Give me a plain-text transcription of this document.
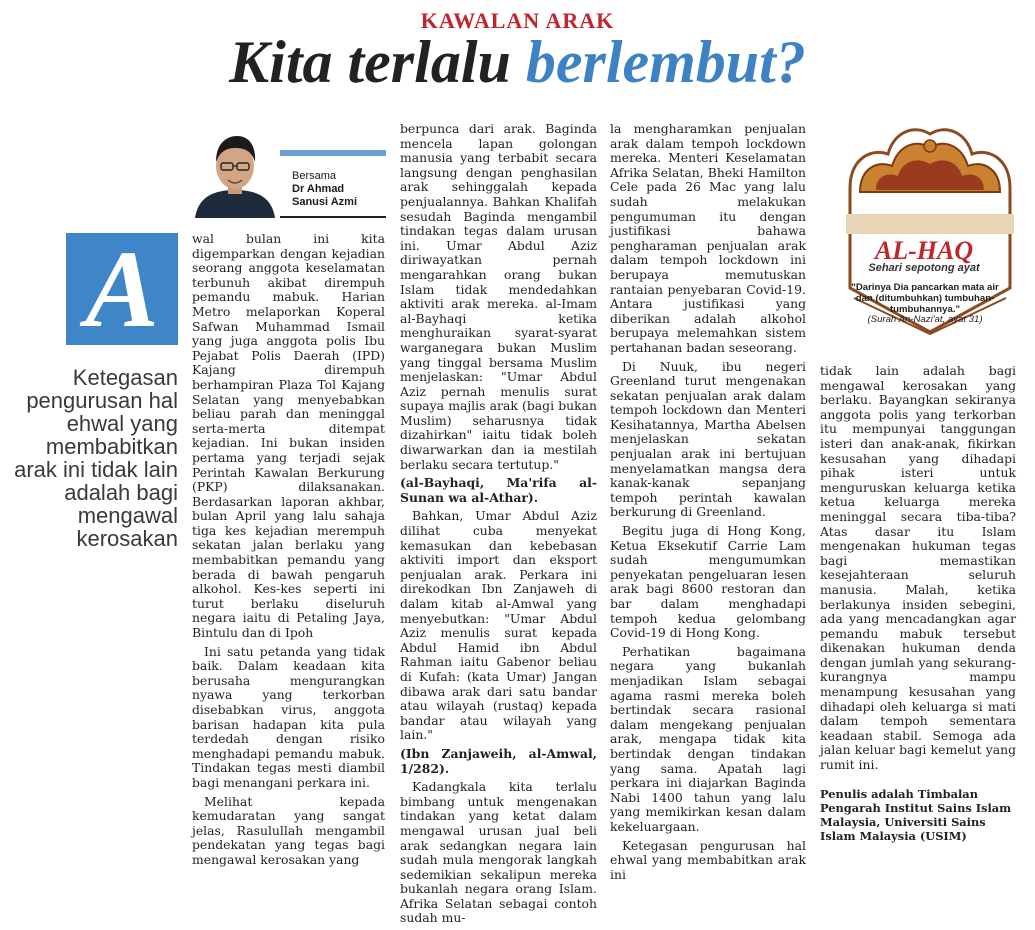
KAWALAN ARAK
Kita terlalu berlembut?
Bersama
Dr Ahmad
Sanusi Azmi
A
Ketegasan pengurusan hal ehwal yang membabitkan arak ini tidak lain adalah bagi mengawal kerosakan

wal bulan ini kita digemparkan dengan kejadian seorang anggota keselamatan terbunuh akibat dirempuh pemandu mabuk. Harian Metro melaporkan Koperal Safwan Muhammad Ismail yang juga anggota polis Ibu Pejabat Polis Daerah (IPD) Kajang dirempuh berhampiran Plaza Tol Kajang Selatan yang menyebabkan beliau parah dan meninggal serta-merta ditempat kejadian. Ini bukan insiden pertama yang terjadi sejak Perintah Kawalan Berkurung (PKP) dilaksanakan. Berdasarkan laporan akhbar, bulan April yang lalu sahaja tiga kes kejadian merempuh sekatan jalan berlaku yang membabitkan pemandu yang berada di bawah pengaruh alkohol. Kes-kes seperti ini turut berlaku diseluruh negara iaitu di Petaling Jaya, Bintulu dan di Ipoh

Ini satu petanda yang tidak baik. Dalam keadaan kita berusaha mengurangkan nyawa yang terkorban disebabkan virus, anggota barisan hadapan kita pula terdedah dengan risiko menghadapi pemandu mabuk. Tindakan tegas mesti diambil bagi menangani perkara ini.

Melihat kepada kemudaratan yang sangat jelas, Rasulullah mengambil pendekatan yang tegas bagi mengawal kerosakan yang

berpunca dari arak. Baginda mencela lapan golongan manusia yang terbabit secara langsung dengan penghasilan arak sehinggalah kepada penjualannya. Bahkan Khalifah sesudah Baginda mengambil tindakan tegas dalam urusan ini. Umar Abdul Aziz diriwayatkan pernah mengarahkan orang bukan Islam tidak mendedahkan aktiviti arak mereka. al-Imam al-Bayhaqi ketika menghuraikan syarat-syarat warganegara bukan Muslim yang tinggal bersama Muslim menjelaskan: "Umar Abdul Aziz pernah menulis surat supaya majlis arak (bagi bukan Muslim) seharusnya tidak dizahirkan" iaitu tidak boleh diwarwarkan dan ia mestilah berlaku secara tertutup."

(al-Bayhaqi, Ma'rifa al-Sunan wa al-Athar).

Bahkan, Umar Abdul Aziz dilihat cuba menyekat kemasukan dan kebebasan aktiviti import dan eksport penjualan arak. Perkara ini direkodkan Ibn Zanjaweh di dalam kitab al-Amwal yang menyebutkan: "Umar Abdul Aziz menulis surat kepada Abdul Hamid ibn Abdul Rahman iaitu Gabenor beliau di Kufah: (kata Umar) Jangan dibawa arak dari satu bandar atau wilayah (rustaq) kepada bandar atau wilayah yang lain."

(Ibn Zanjaweih, al-Amwal, 1/282).

Kadangkala kita terlalu bimbang untuk mengenakan tindakan yang ketat dalam mengawal urusan jual beli arak sedangkan negara lain sudah mula mengorak langkah sedemikian sekalipun mereka bukanlah negara orang Islam. Afrika Selatan sebagai contoh sudah mu-

la mengharamkan penjualan arak dalam tempoh lockdown mereka. Menteri Keselamatan Afrika Selatan, Bheki Hamilton Cele pada 26 Mac yang lalu sudah melakukan pengumuman itu dengan justifikasi bahawa pengharaman penjualan arak dalam tempoh lockdown ini berupaya memutuskan rantaian penyebaran Covid-19. Antara justifikasi yang diberikan adalah alkohol berupaya melemahkan sistem pertahanan badan seseorang.

Di Nuuk, ibu negeri Greenland turut mengenakan sekatan penjualan arak dalam tempoh lockdown dan Menteri Kesihatannya, Martha Abelsen menjelaskan sekatan penjualan arak ini bertujuan menyelamatkan mangsa dera kanak-kanak sepanjang tempoh perintah kawalan berkurung di Greenland.

Begitu juga di Hong Kong, Ketua Eksekutif Carrie Lam sudah mengumumkan penyekatan pengeluaran lesen arak bagi 8600 restoran dan bar dalam menghadapi tempoh kedua gelombang Covid-19 di Hong Kong.

Perhatikan bagaimana negara yang bukanlah menjadikan Islam sebagai agama rasmi mereka boleh bertindak secara rasional dalam mengekang penjualan arak, mengapa tidak kita bertindak dengan tindakan yang sama. Apatah lagi perkara ini diajarkan Baginda Nabi 1400 tahun yang lalu yang memikirkan kesan dalam kekeluargaan.

Ketegasan pengurusan hal ehwal yang membabitkan arak ini

AL-HAQ
Sehari sepotong ayat
"Darinya Dia pancarkan mata air dan (ditumbuhkan) tumbuhan-tumbuhannya."
(Surah An-Nazi'at, ayat 31)

tidak lain adalah bagi mengawal kerosakan yang berlaku. Bayangkan sekiranya anggota polis yang terkorban itu mempunyai tanggungan isteri dan anak-anak, fikirkan kesusahan yang dihadapi pihak isteri untuk menguruskan keluarga ketika ketua keluarga mereka meninggal secara tiba-tiba? Atas dasar itu Islam mengenakan hukuman tegas bagi memastikan kesejahteraan seluruh manusia. Malah, ketika berlakunya insiden sebegini, ada yang mencadangkan agar pemandu mabuk tersebut dikenakan hukuman denda dengan jumlah yang sekurang-kurangnya mampu menampung kesusahan yang dihadapi oleh keluarga si mati dalam tempoh sementara keadaan stabil. Semoga ada jalan keluar bagi kemelut yang rumit ini.

Penulis adalah Timbalan Pengarah Institut Sains Islam Malaysia, Universiti Sains Islam Malaysia (USIM)
